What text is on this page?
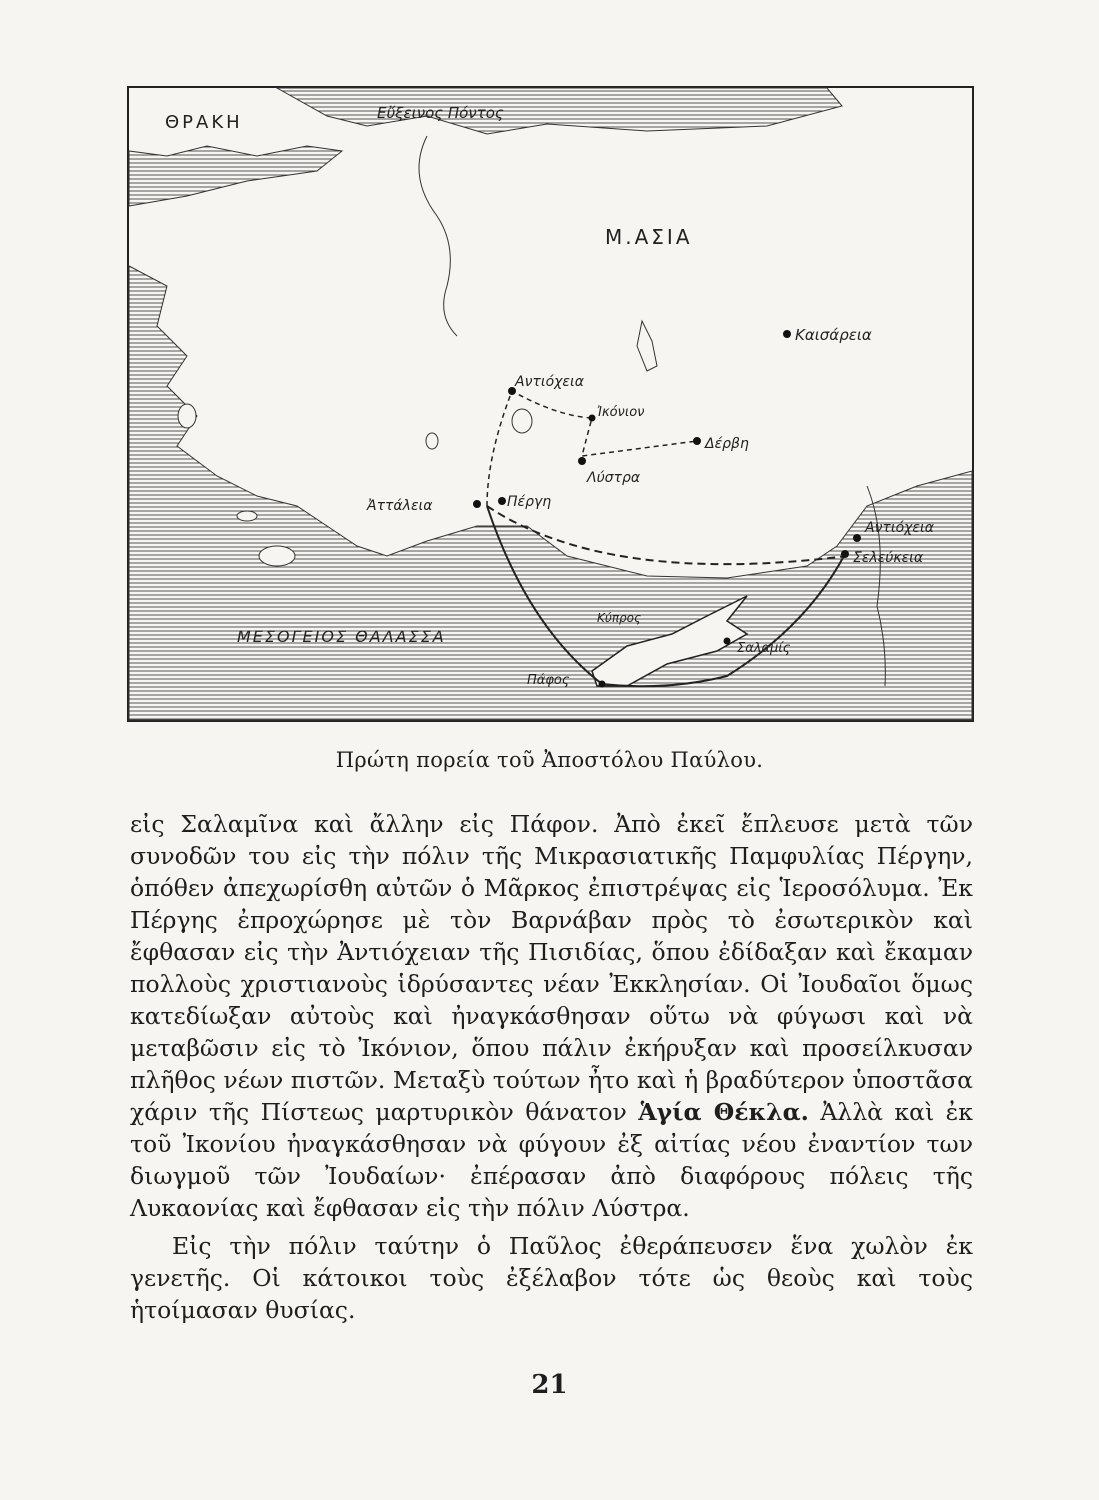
ΘΡΑΚΗ	Εὔξεινος Πόντος
Μ.ΑΣΙΑ
Καισάρεια
Αντιόχεια
Ἰκόνιον
Δέρβη
Λύστρα
Ἀττάλεια	Πέργη
Αντιόχεια
Σελεύκεια
Κύπρος
ΜΕΣΟΓΕΙΟΣ ΘΑΛΑΣΣΑ
Σαλαμίς
Πάφος
Πρώτη πορεία τοῦ Ἀποστόλου Παύλου.

εἰς Σαλαμῖνα καὶ ἄλλην εἰς Πάφον. Ἀπὸ ἐκεῖ ἔπλευσε μετὰ τῶν συνοδῶν του εἰς τὴν πόλιν τῆς Μικρασιατικῆς Παμφυλίας Πέργην, ὁπόθεν ἀπεχωρίσθη αὐτῶν ὁ Μᾶρκος ἐπιστρέψας εἰς Ἱεροσόλυμα. Ἐκ Πέργης ἐπροχώρησε μὲ τὸν Βαρνάβαν πρὸς τὸ ἐσωτερικὸν καὶ ἔφθασαν εἰς τὴν Ἀντιόχειαν τῆς Πισιδίας, ὅπου ἐδίδαξαν καὶ ἔκαμαν πολλοὺς χριστιανοὺς ἱδρύσαντες νέαν Ἐκκλησίαν. Οἱ Ἰουδαῖοι ὅμως κατεδίωξαν αὐτοὺς καὶ ἠναγκάσθησαν οὕτω νὰ φύγωσι καὶ νὰ μεταβῶσιν εἰς τὸ Ἰκόνιον, ὅπου πάλιν ἐκήρυξαν καὶ προσείλκυσαν πλῆθος νέων πιστῶν. Μεταξὺ τούτων ἦτο καὶ ἡ βραδύτερον ὑποστᾶσα χάριν τῆς Πίστεως μαρτυρικὸν θάνατον Ἁγία Θέκλα. Ἀλλὰ καὶ ἐκ τοῦ Ἰκονίου ἠναγκάσθησαν νὰ φύγουν ἐξ αἰτίας νέου ἐναντίον των διωγμοῦ τῶν Ἰουδαίων· ἐπέρασαν ἀπὸ διαφόρους πόλεις τῆς Λυκαονίας καὶ ἔφθασαν εἰς τὴν πόλιν Λύστρα.

Εἰς τὴν πόλιν ταύτην ὁ Παῦλος ἐθεράπευσεν ἕνα χωλὸν ἐκ γενετῆς. Οἱ κάτοικοι τοὺς ἐξέλαβον τότε ὡς θεοὺς καὶ τοὺς ἡτοίμασαν θυσίας.

21
